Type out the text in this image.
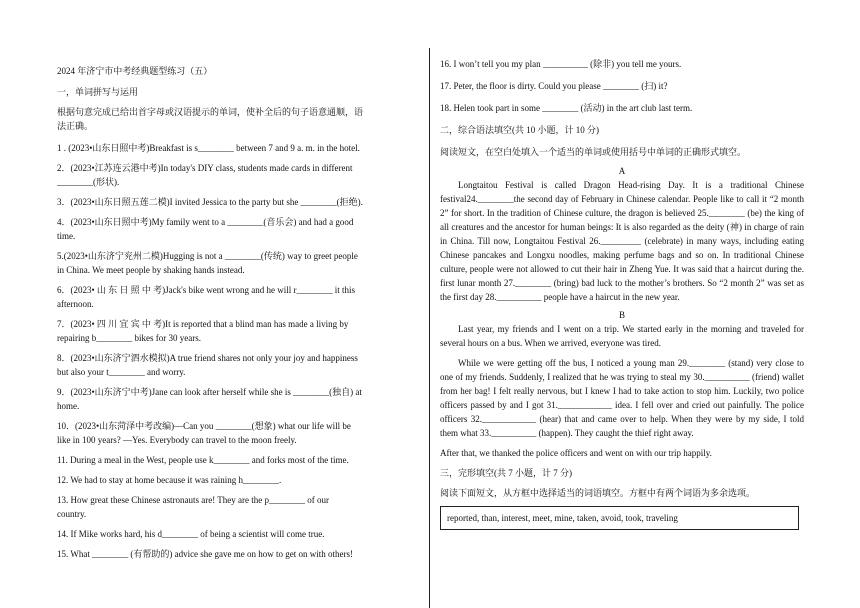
2024 年济宁市中考经典题型练习（五）

一，单词拼写与运用

根据句意完成已给出首字母或汉语提示的单词，使补全后的句子语意通顺，语

法正确。

1 . (2023•山东日照中考)Breakfast is s________ between 7 and 9 a. m. in the hotel.

2．(2023•江苏连云港中考)In today's DIY class, students made cards in different

________(形状).

3．(2023•山东日照五莲二模)I invited Jessica to the party but she ________(拒绝).

4．(2023•山东日照中考)My family went to a ________(音乐会) and had a good

time.

5.(2023•山东济宁兖州二模)Hugging is not a ________(传统) way to greet people

in China. We meet people by shaking hands instead.

6．(2023• 山 东 日 照 中 考)Jack's bike went wrong and he will r________ it this

afternoon.

7．(2023• 四 川 宜 宾 中 考)It is reported that a blind man has made a living by

repairing b________ bikes for 30 years.

8．(2023•山东济宁泗水模拟)A true friend shares not only your joy and happiness

but also your t________ and worry.

9．(2023•山东济宁中考)Jane can look after herself while she is ________(独自) at

home.

10．(2023•山东菏泽中考改编)—Can you ________(想象) what our life will be

like in 100 years? —Yes. Everybody can travel to the moon freely.

11. During a meal in the West, people use k________ and forks most of the time.

12. We had to stay at home because it was raining h________.

13. How great these Chinese astronauts are! They are the p________ of our

country.

14. If Mike works hard, his d________ of being a scientist will come true.

15. What ________ (有帮助的) advice she gave me on how to get on with others!

16. I won’t tell you my plan __________ (除非) you tell me yours.

17. Peter, the floor is dirty. Could you please ________ (扫) it?

18. Helen took part in some ________ (活动) in the art club last term.

二，综合语法填空(共 10 小题，计 10 分)

阅读短文，在空白处填入一个适当的单词或使用括号中单词的正确形式填空。

A

Longtaitou Festival is called Dragon Head-rising Day. It is a traditional Chinese festival24.________the second day of February in Chinese calendar. People like to call it “2 month 2” for short. In the tradition of Chinese culture, the dragon is believed 25.________ (be) the king of all creatures and the ancestor for human beings: It is also regarded as the deity (神) in charge of rain in China. Till now, Longtaitou Festival 26._________ (celebrate) in many ways, including eating Chinese pancakes and Longxu noodles, making perfume bags and so on. In traditional Chinese culture, people were not allowed to cut their hair in Zheng Yue. It was said that a haircut during the. first lunar month 27.________ (bring) bad luck to the mother’s brothers. So “2 month 2” was set as the first day 28.__________ people have a haircut in the new year.

B

Last year, my friends and I went on a trip. We started early in the morning and traveled for several hours on a bus. When we arrived, everyone was tired.

While we were getting off the bus, I noticed a young man 29.________ (stand) very close to one of my friends. Suddenly, I realized that he was trying to steal my 30.__________ (friend) wallet from her bag! I felt really nervous, but I knew I had to take action to stop him. Luckily, two police officers passed by and I got 31.____________ idea. I fell over and cried out painfully. The police officers 32.____________ (hear) that and came over to help. When they were by my side, I told them what 33.__________ (happen). They caught the thief right away.

After that, we thanked the police officers and went on with our trip happily.

三，完形填空(共 7 小题，计 7 分)

阅读下面短文，从方框中选择适当的词语填空。方框中有两个词语为多余选项。

reported, than, interest, meet, mine, taken, avoid, took, traveling
